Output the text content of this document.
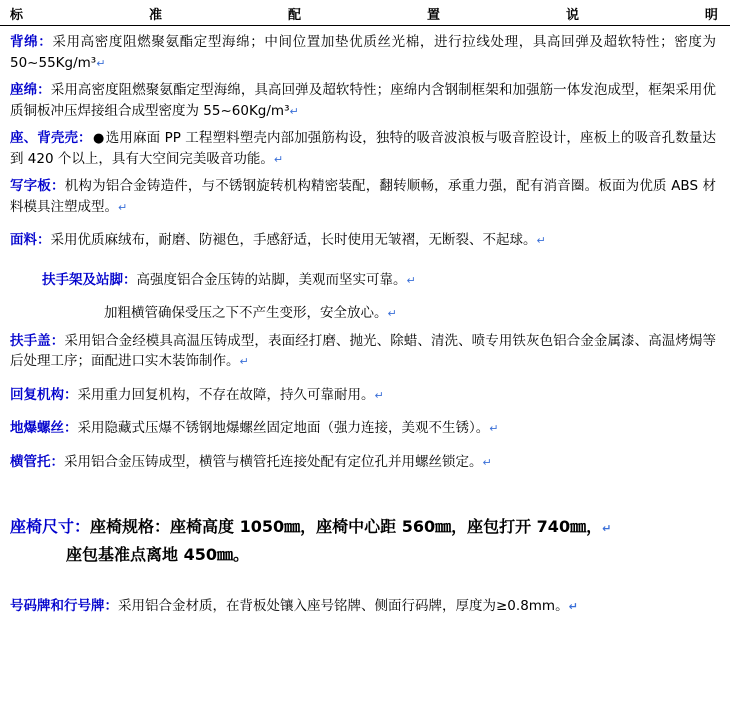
标	准	配	置	说	明

背绵：采用高密度阻燃聚氨酯定型海绵；中间位置加垫优质丝光棉，进行拉线处理，具高回弹及超软特性；密度为 50~55Kg/m³↵

座绵：采用高密度阻燃聚氨酯定型海绵，具高回弹及超软特性；座绵内含钢制框架和加强筋一体发泡成型，框架采用优质铜板冲压焊接组合成型密度为 55~60Kg/m³↵

座、背壳売：●选用麻面 PP 工程塑料塑壳内部加强筋构设，独特的吸音波浪板与吸音腔设计，座板上的吸音孔数量达到 420 个以上，具有大空间完美吸音功能。↵

写字板：机构为铝合金铸造件，与不锈钢旋转机构精密装配，翻转顺畅，承重力强，配有消音圈。板面为优质 ABS 材料模具注塑成型。↵

面料：采用优质麻绒布，耐磨、防褪色，手感舒适，长时使用无皱褶，无断裂、不起球。↵

扶手架及站脚：高强度铝合金压铸的站脚，美观而坚实可靠。↵

加粗横管确保受压之下不产生变形，安全放心。↵

扶手盖：采用铝合金经模具高温压铸成型，表面经打磨、抛光、除蜡、清洗、喷专用铁灰色铝合金金属漆、高温烤焗等后处理工序；面配进口实木装饰制作。↵

回复机构：采用重力回复机构，不存在故障，持久可靠耐用。↵

地爆螺丝：采用隐藏式压爆不锈钢地爆螺丝固定地面（强力连接，美观不生锈）。↵

横管托：采用铝合金压铸成型，横管与横管托连接处配有定位孔并用螺丝锁定。↵

座椅尺寸：座椅规格：座椅高度 1050㎜，座椅中心距 560㎜，座包打开 740㎜，↵
座包基准点离地 450㎜。

号码牌和行号牌：采用铝合金材质，在背板处镶入座号铭牌、侧面行码牌，厚度为≥0.8mm。↵
